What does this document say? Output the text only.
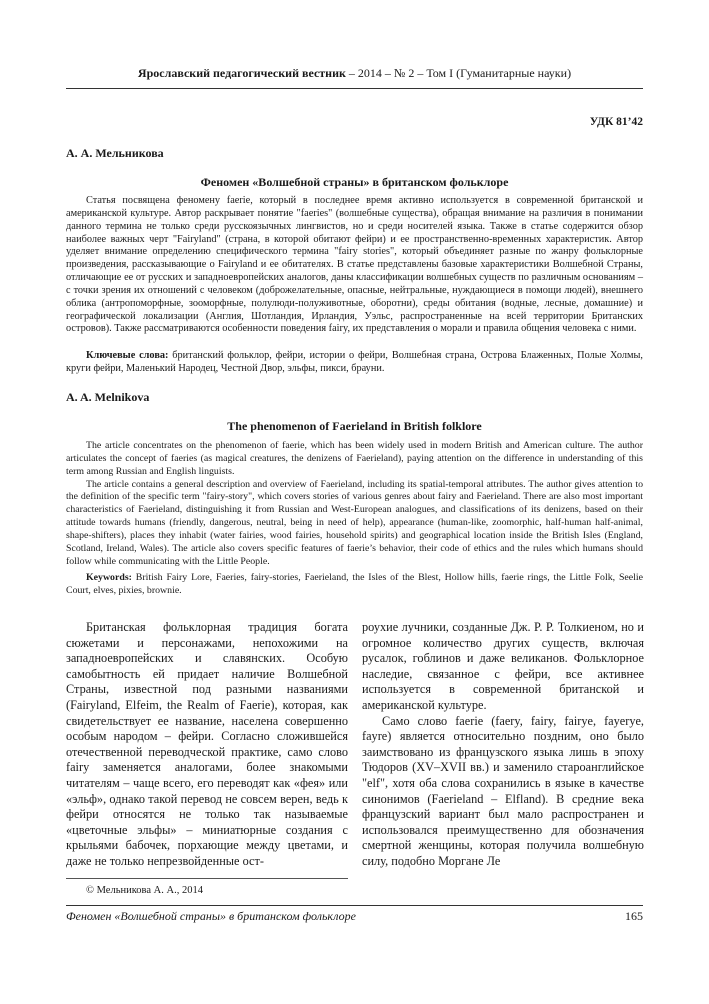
Ярославский педагогический вестник – 2014 – № 2 – Том I (Гуманитарные науки)
УДК 81’42
А. А. Мельникова
Феномен «Волшебной страны» в британском фольклоре

Статья посвящена феномену faerie, который в последнее время активно используется в современной британской и американской культуре. Автор раскрывает понятие "faeries" (волшебные существа), обращая внимание на различия в понимании данного термина не только среди русскоязычных лингвистов, но и среди носителей языка. Также в статье содержится обзор наиболее важных черт "Fairyland" (страна, в которой обитают фейри) и ее пространственно-временных характеристик. Автор уделяет внимание определению специфического термина "fairy stories", который объединяет разные по жанру фольклорные произведения, рассказывающие о Fairyland и ее обитателях. В статье представлены базовые характеристики Волшебной Страны, отличающие ее от русских и западноевропейских аналогов, даны классификации волшебных существ по различным основаниям – с точки зрения их отношений с человеком (доброжелательные, опасные, нейтральные, нуждающиеся в помощи людей), внешнего облика (антропоморфные, зооморфные, полулюди-полуживотные, оборотни), среды обитания (водные, лесные, домашние) и географической локализации (Англия, Шотландия, Ирландия, Уэльс, распространенные на всей территории Британских островов). Также рассматриваются особенности поведения fairy, их представления о морали и правила общения человека с ними.

Ключевые слова: британский фольклор, фейри, истории о фейри, Волшебная страна, Острова Блаженных, Полые Холмы, круги фейри, Маленький Народец, Честной Двор, эльфы, пикси, брауни.

A. A. Melnikova
The phenomenon of Faerieland in British folklore

The article concentrates on the phenomenon of faerie, which has been widely used in modern British and American culture. The author articulates the concept of faeries (as magical creatures, the denizens of Faerieland), paying attention on the difference in understanding of this term among Russian and English linguists.

The article contains a general description and overview of Faerieland, including its spatial-temporal attributes. The author gives attention to the definition of the specific term "fairy-story", which covers stories of various genres about fairy and Faerieland. There are also most important characteristics of Faerieland, distinguishing it from Russian and West-European analogues, and classifications of its denizens, based on their attitude towards humans (friendly, dangerous, neutral, being in need of help), appearance (human-like, zoomorphic, half-human half-animal, shape-shifters), places they inhabit (water fairies, wood fairies, household spirits) and geographical location inside the British Isles (England, Scotland, Ireland, Wales). The article also covers specific features of faerie’s behavior, their code of ethics and the rules which humans should follow while communicating with the Little People.

Keywords: British Fairy Lore, Faeries, fairy-stories, Faerieland, the Isles of the Blest, Hollow hills, faerie rings, the Little Folk, Seelie Court, elves, pixies, brownie.

Британская фольклорная традиция богата сюжетами и персонажами, непохожими на западноевропейских и славянских. Особую самобытность ей придает наличие Волшебной Страны, известной под разными названиями (Fairyland, Elfeim, the Realm of Faerie), которая, как свидетельствует ее название, населена совершенно особым народом – фейри. Согласно сложившейся отечественной переводческой практике, само слово fairy заменяется аналогами, более знакомыми читателям – чаще всего, его переводят как «фея» или «эльф», однако такой перевод не совсем верен, ведь к фейри относятся не только так называемые «цветочные эльфы» – миниатюрные создания с крыльями бабочек, порхающие между цветами, и даже не только непрезвойденные ост-

роухие лучники, созданные Дж. Р. Р. Толкиеном, но и огромное количество других существ, включая русалок, гоблинов и даже великанов. Фольклорное наследие, связанное с фейри, все активнее используется в современной британской и американской культуре.

Само слово faerie (faery, fairy, fairye, fayerye, fayre) является относительно поздним, оно было заимствовано из французского языка лишь в эпоху Тюдоров (XV–XVII вв.) и заменило староанглийское "elf", хотя оба слова сохранились в языке в качестве синонимов (Faerieland – Elfland). В средние века французский вариант был мало распространен и использовался преимущественно для обозначения смертной женщины, которая получила волшебную силу, подобно Моргане Ле

© Мельникова А. А., 2014
Феномен «Волшебной страны» в британском фольклоре	165
